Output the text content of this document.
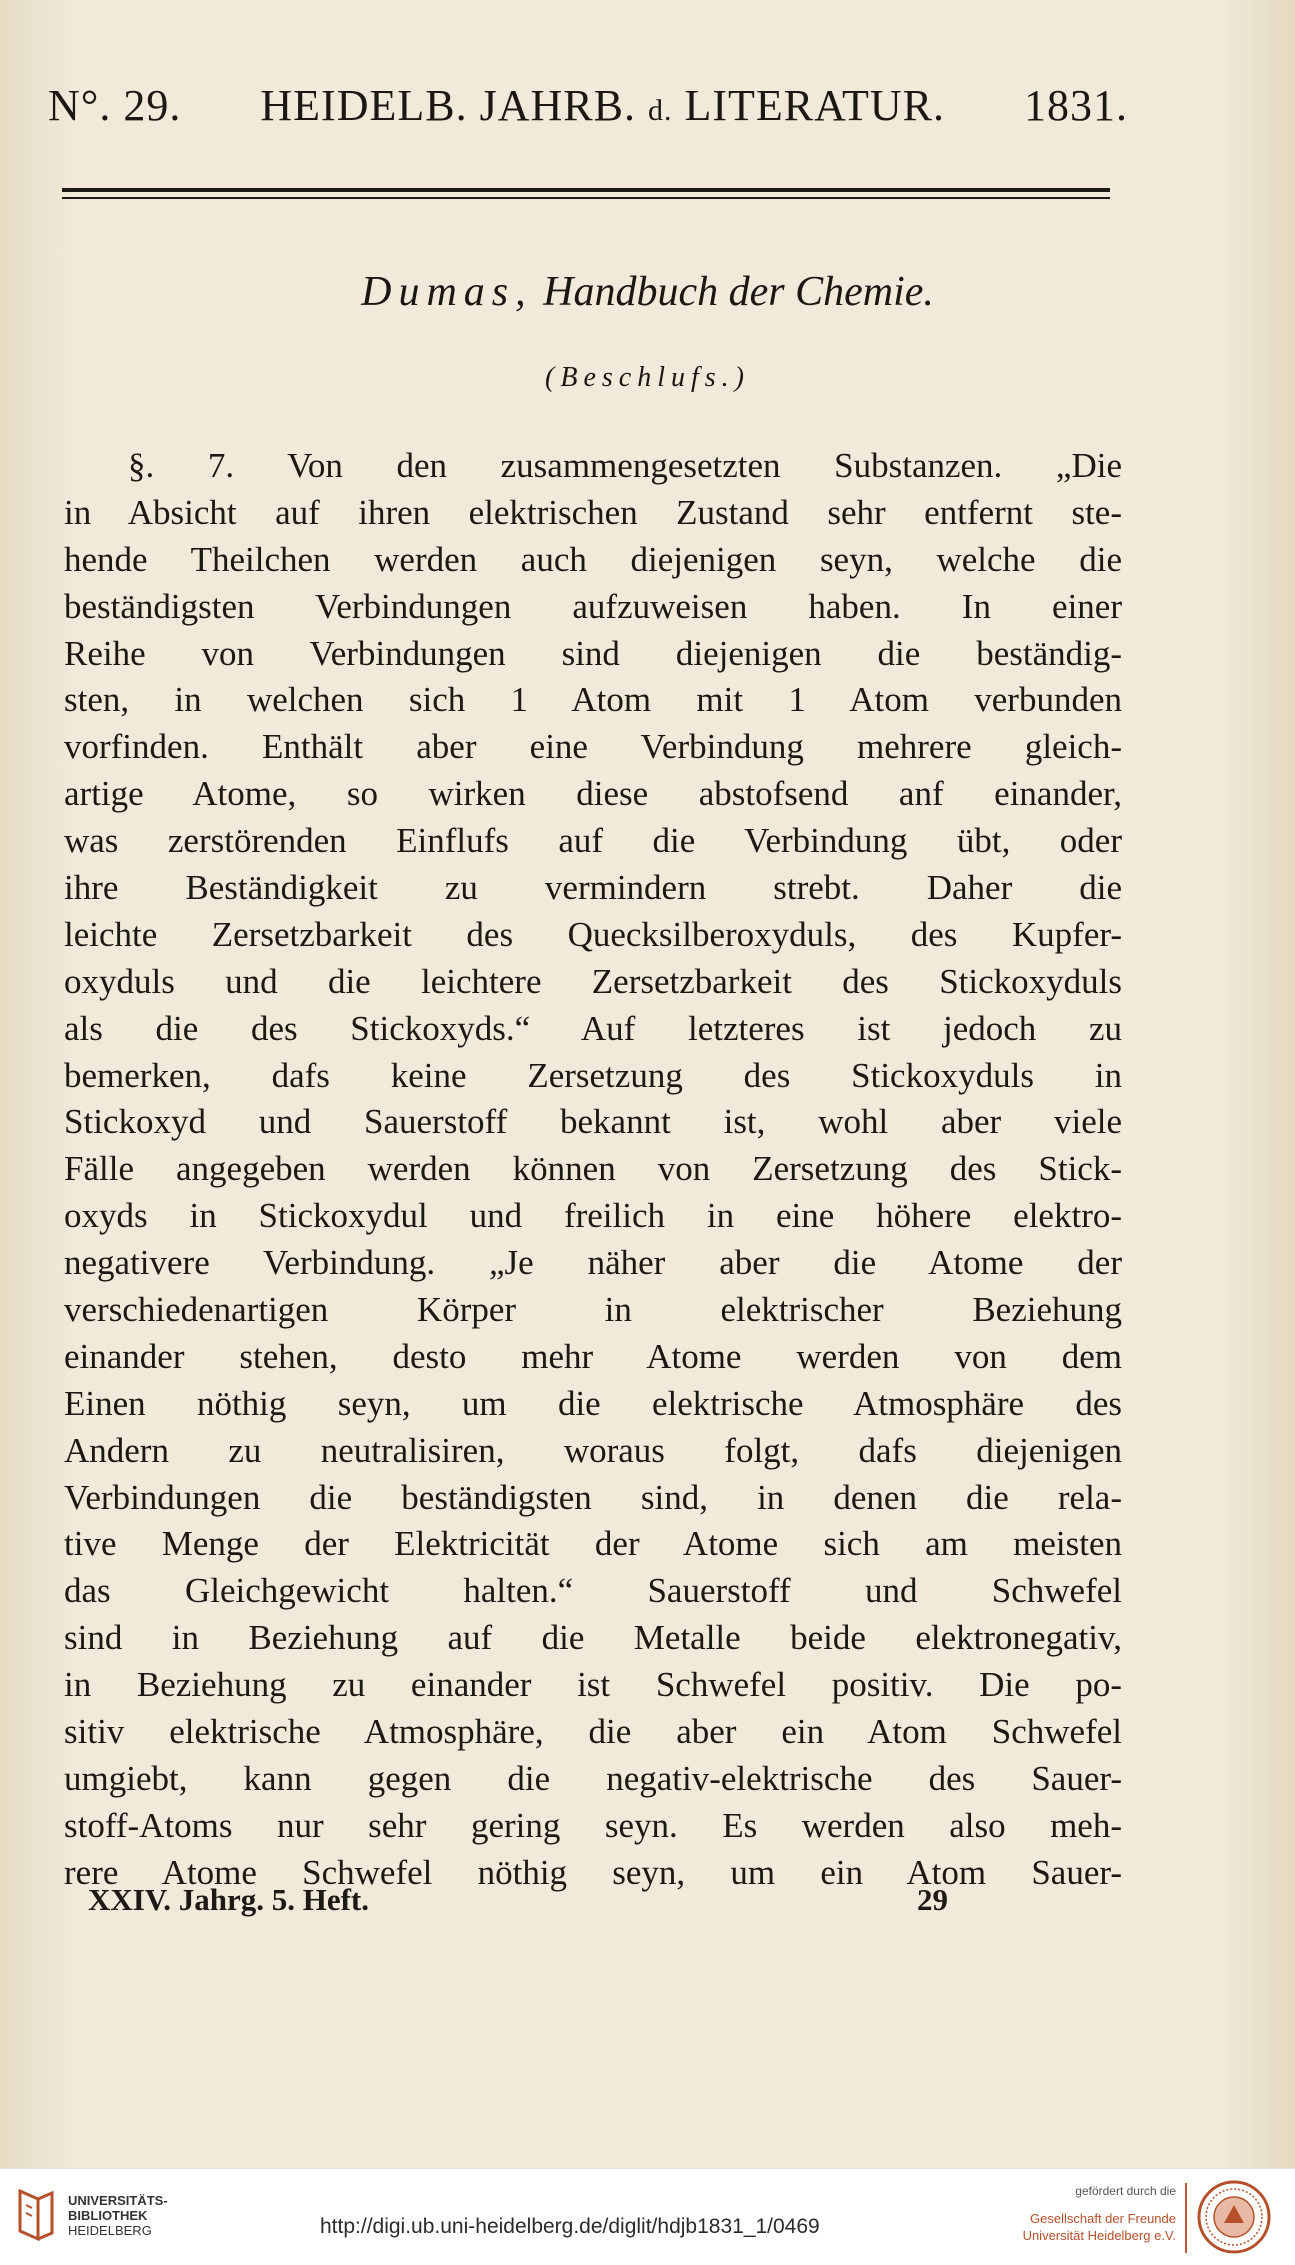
N°. 29. HEIDELB. JAHRB. d. LITERATUR. 1831.
Dumas, Handbuch der Chemie.
(Beschlufs.)
§. 7. Von den zusammengesetzten Substanzen. „Die
in Absicht auf ihren elektrischen Zustand sehr entfernt ste-
hende Theilchen werden auch diejenigen seyn, welche die
beständigsten Verbindungen aufzuweisen haben. In einer
Reihe von Verbindungen sind diejenigen die beständig-
sten, in welchen sich 1 Atom mit 1 Atom verbunden
vorfinden. Enthält aber eine Verbindung mehrere gleich-
artige Atome, so wirken diese abstofsend anf einander,
was zerstörenden Einflufs auf die Verbindung übt, oder
ihre Beständigkeit zu vermindern strebt. Daher die
leichte Zersetzbarkeit des Quecksilberoxyduls, des Kupfer-
oxyduls und die leichtere Zersetzbarkeit des Stickoxyduls
als die des Stickoxyds.“ Auf letzteres ist jedoch zu
bemerken, dafs keine Zersetzung des Stickoxyduls in
Stickoxyd und Sauerstoff bekannt ist, wohl aber viele
Fälle angegeben werden können von Zersetzung des Stick-
oxyds in Stickoxydul und freilich in eine höhere elektro-
negativere Verbindung. „Je näher aber die Atome der
verschiedenartigen Körper in elektrischer Beziehung
einander stehen, desto mehr Atome werden von dem
Einen nöthig seyn, um die elektrische Atmosphäre des
Andern zu neutralisiren, woraus folgt, dafs diejenigen
Verbindungen die beständigsten sind, in denen die rela-
tive Menge der Elektricität der Atome sich am meisten
das Gleichgewicht halten.“ Sauerstoff und Schwefel
sind in Beziehung auf die Metalle beide elektronegativ,
in Beziehung zu einander ist Schwefel positiv. Die po-
sitiv elektrische Atmosphäre, die aber ein Atom Schwefel
umgiebt, kann gegen die negativ-elektrische des Sauer-
stoff-Atoms nur sehr gering seyn. Es werden also meh-
rere Atome Schwefel nöthig seyn, um ein Atom Sauer-
XXIV. Jahrg. 5. Heft.	29
UNIVERSITÄTS-
BIBLIOTHEK
HEIDELBERG	http://digi.ub.uni-heidelberg.de/diglit/hdjb1831_1/0469
gefördert durch die
Gesellschaft der Freunde
Universität Heidelberg e.V.
